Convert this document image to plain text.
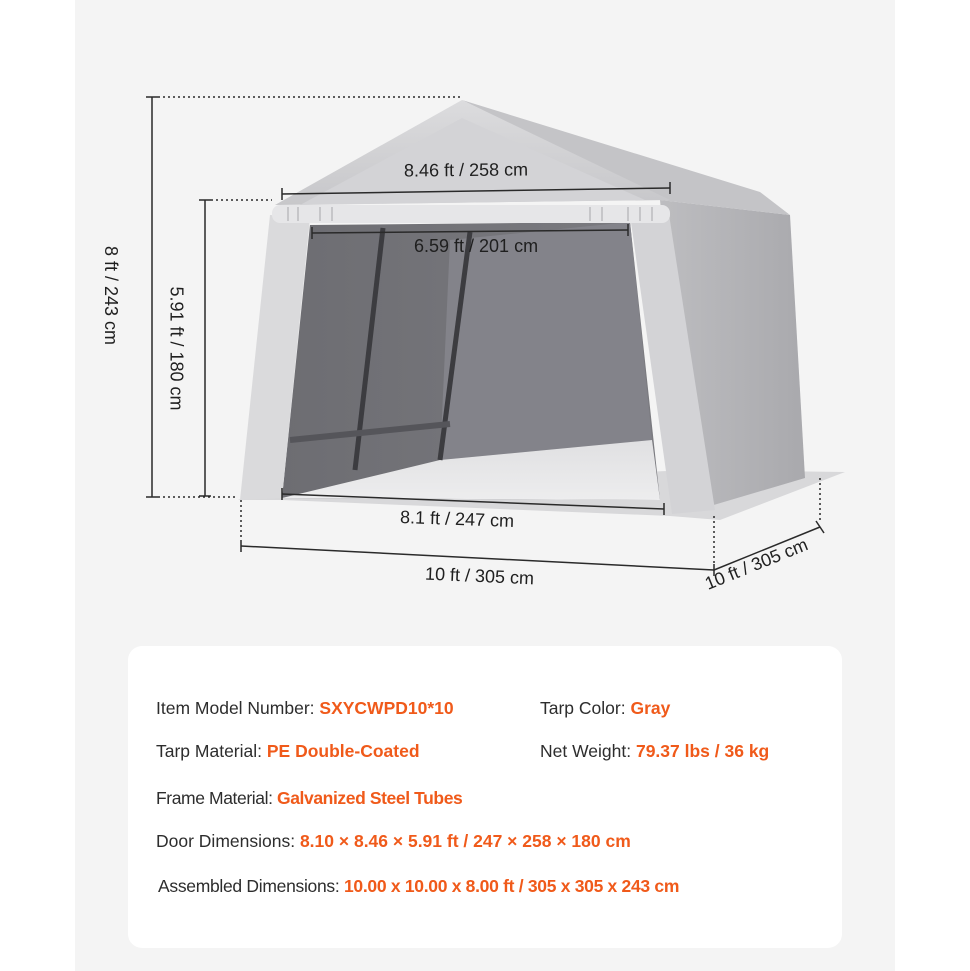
8.46 ft / 258 cm
6.59 ft / 201 cm
8.1 ft / 247 cm
10 ft / 305 cm	10 ft / 305 cm
8 ft / 243 cm	5.91 ft / 180 cm
Item Model Number: SXYCWPD10*10	Tarp Color: Gray
Tarp Material: PE Double-Coated	Net Weight: 79.37 lbs / 36 kg
Frame Material: Galvanized Steel Tubes
Door Dimensions: 8.10 × 8.46 × 5.91 ft / 247 × 258 × 180 cm
Assembled Dimensions: 10.00 x 10.00 x 8.00 ft / 305 x 305 x 243 cm
